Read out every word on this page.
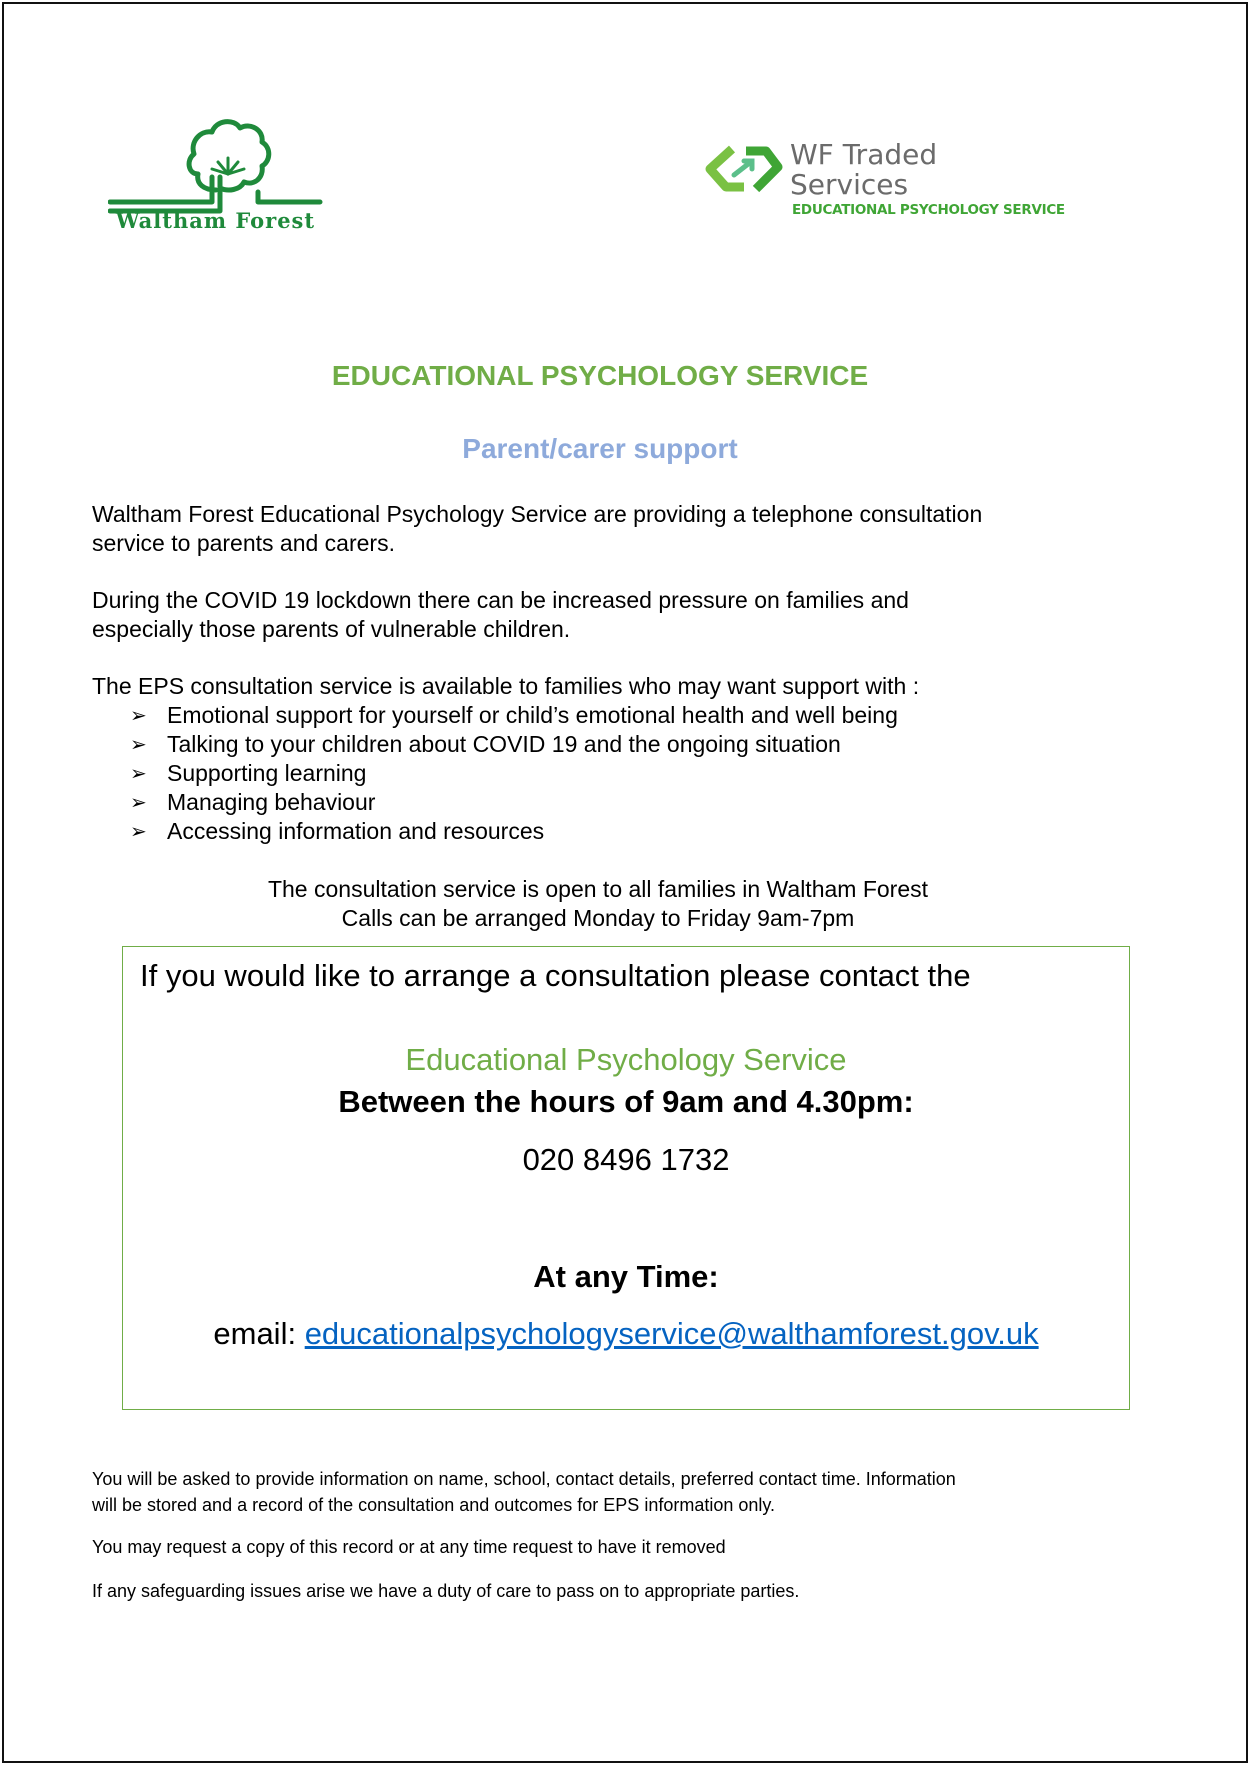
Waltham Forest
WF Traded
Services
EDUCATIONAL PSYCHOLOGY SERVICE
EDUCATIONAL PSYCHOLOGY SERVICE
Parent/carer support
Waltham Forest Educational Psychology Service are providing a telephone consultation
service to parents and carers.
During the COVID 19 lockdown there can be increased pressure on families and
especially those parents of vulnerable children.
The EPS consultation service is available to families who may want support with :
➢ Emotional support for yourself or child’s emotional health and well being
➢ Talking to your children about COVID 19 and the ongoing situation
➢ Supporting learning
➢ Managing behaviour
➢ Accessing information and resources
The consultation service is open to all families in Waltham Forest
Calls can be arranged Monday to Friday 9am-7pm
If you would like to arrange a consultation please contact the
Educational Psychology Service
Between the hours of 9am and 4.30pm:
020 8496 1732
At any Time:
email: educationalpsychologyservice@walthamforest.gov.uk
You will be asked to provide information on name, school, contact details, preferred contact time. Information
will be stored and a record of the consultation and outcomes for EPS information only.
You may request a copy of this record or at any time request to have it removed
If any safeguarding issues arise we have a duty of care to pass on to appropriate parties.
